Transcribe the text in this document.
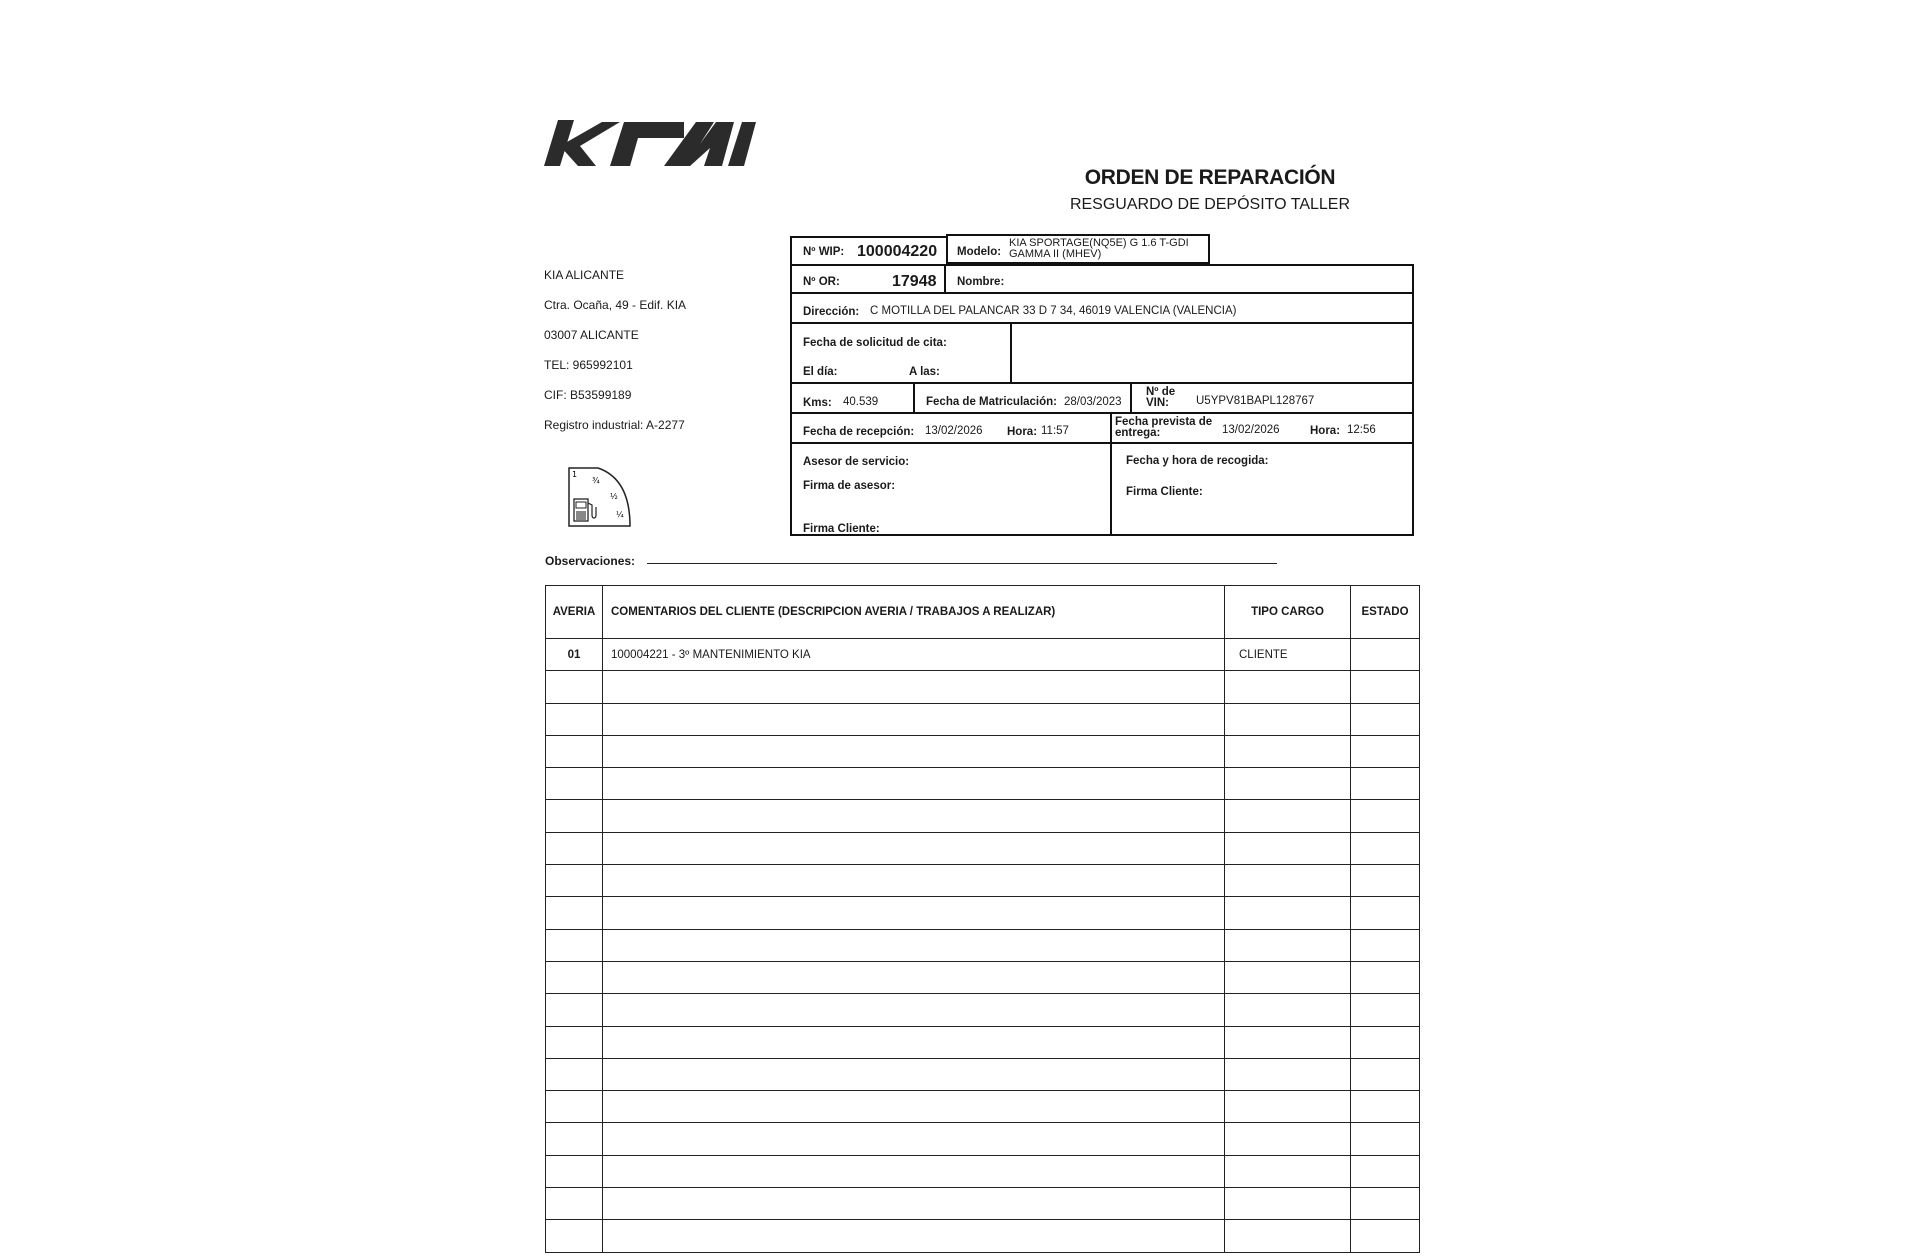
ORDEN DE REPARACIÓN
RESGUARDO DE DEPÓSITO TALLER
KIA ALICANTE
Ctra. Ocaña, 49 - Edif. KIA
03007 ALICANTE
TEL: 965992101
CIF: B53599189
Registro industrial: A-2277
1
¾
½
¼
Nº WIP: 100004220 Modelo:
KIA SPORTAGE(NQ5E) G 1.6 T-GDI
GAMMA II (MHEV)
Nº OR:	17948 Nombre:
Dirección: C MOTILLA DEL PALANCAR 33 D 7 34, 46019 VALENCIA (VALENCIA)
Fecha de solicitud de cita:
El día:	A las:
Kms: 40.539	Fecha de Matriculación: 28/03/2023
Nº de
VIN:	U5YPV81BAPL128767
Fecha de recepción: 13/02/2026 Hora: 11:57
Fecha prevista de
entrega:	13/02/2026	Hora: 12:56
Asesor de servicio:
Firma de asesor:
Firma Cliente:
Fecha y hora de recogida:
Firma Cliente:
Observaciones:
AVERIA	COMENTARIOS DEL CLIENTE (DESCRIPCION AVERIA / TRABAJOS A REALIZAR)	TIPO CARGO	ESTADO
01	100004221 - 3º MANTENIMIENTO KIA	CLIENTE	
